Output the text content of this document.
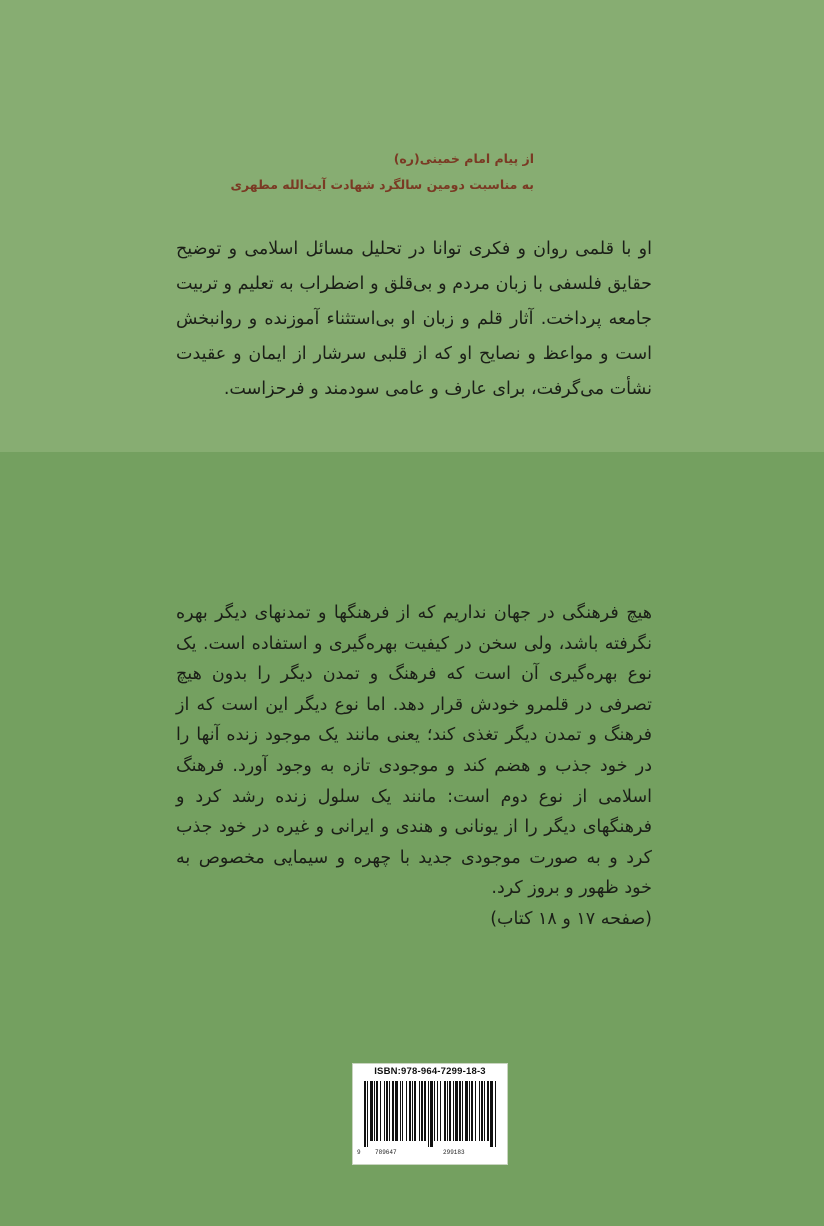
از پیام امام خمینی(ره)
به مناسبت دومین سالگرد شهادت آیت‌الله مطهری

او با قلمی روان و فکری توانا در تحلیل مسائل اسلامی و توضیح حقایق فلسفی با زبان مردم و بی‌قلق و اضطراب به تعلیم و تربیت جامعه پرداخت. آثار قلم و زبان او بی‌استثناء آموزنده و روانبخش است و مواعظ و نصایح او که از قلبی سرشار از ایمان و عقیدت نشأت می‌گرفت، برای عارف و عامی سودمند و فرحزاست.

هیچ فرهنگی در جهان نداریم که از فرهنگها و تمدنهای دیگر بهره نگرفته باشد، ولی سخن در کیفیت بهره‌گیری و استفاده است. یک نوع بهره‌گیری آن است که فرهنگ و تمدن دیگر را بدون هیچ تصرفی در قلمرو خودش قرار دهد. اما نوع دیگر این است که از فرهنگ و تمدن دیگر تغذی کند؛ یعنی مانند یک موجود زنده آنها را در خود جذب و هضم کند و موجودی تازه به وجود آورد. فرهنگ اسلامی از نوع دوم است: مانند یک سلول زنده رشد کرد و فرهنگهای دیگر را از یونانی و هندی و ایرانی و غیره در خود جذب کرد و به صورت موجودی جدید با چهره و سیمایی مخصوص به خود ظهور و بروز کرد.

(صفحه ۱۷ و ۱۸ کتاب)
ISBN:978-964-7299-18-3
9 789647	299183
